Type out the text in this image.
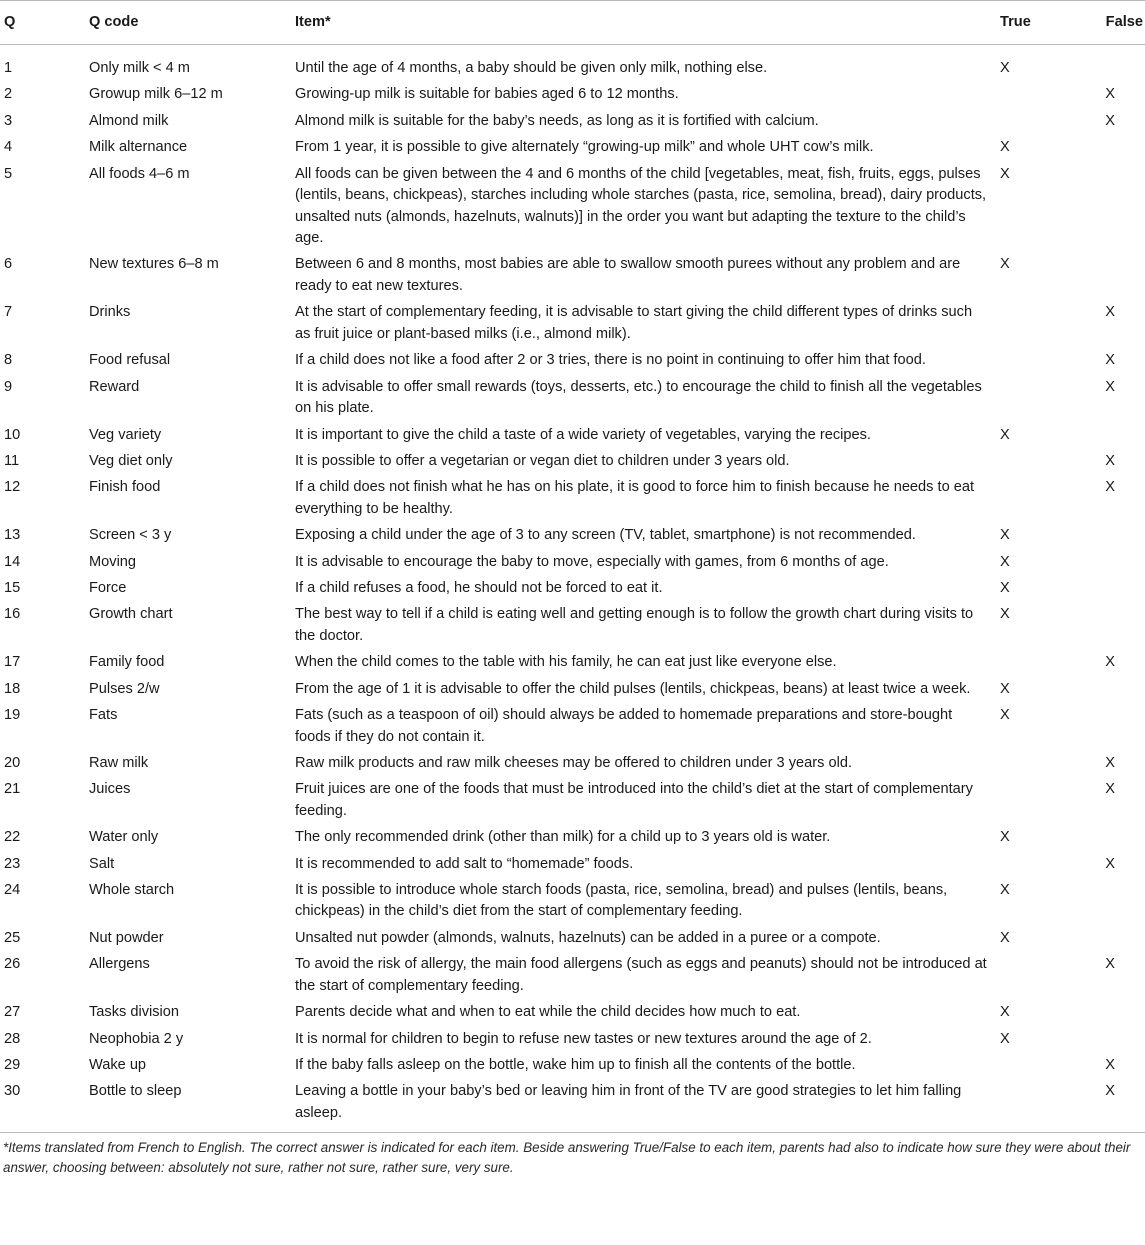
Q	Q code	Item*	True	False
1	Only milk < 4 m	Until the age of 4 months, a baby should be given only milk, nothing else.	X	
2	Growup milk 6–12 m	Growing-up milk is suitable for babies aged 6 to 12 months.		X
3	Almond milk	Almond milk is suitable for the baby’s needs, as long as it is fortified with calcium.		X
4	Milk alternance	From 1 year, it is possible to give alternately “growing-up milk” and whole UHT cow’s milk.	X	
5	All foods 4–6 m	All foods can be given between the 4 and 6 months of the child [vegetables, meat, fish, fruits, eggs, pulses (lentils, beans, chickpeas), starches including whole starches (pasta, rice, semolina, bread), dairy products, unsalted nuts (almonds, hazelnuts, walnuts)] in the order you want but adapting the texture to the child’s age.	X	
6	New textures 6–8 m	Between 6 and 8 months, most babies are able to swallow smooth purees without any problem and are ready to eat new textures.	X	
7	Drinks	At the start of complementary feeding, it is advisable to start giving the child different types of drinks such as fruit juice or plant-based milks (i.e., almond milk).		X
8	Food refusal	If a child does not like a food after 2 or 3 tries, there is no point in continuing to offer him that food.		X
9	Reward	It is advisable to offer small rewards (toys, desserts, etc.) to encourage the child to finish all the vegetables on his plate.		X
10	Veg variety	It is important to give the child a taste of a wide variety of vegetables, varying the recipes.	X	
11	Veg diet only	It is possible to offer a vegetarian or vegan diet to children under 3 years old.		X
12	Finish food	If a child does not finish what he has on his plate, it is good to force him to finish because he needs to eat everything to be healthy.		X
13	Screen < 3 y	Exposing a child under the age of 3 to any screen (TV, tablet, smartphone) is not recommended.	X	
14	Moving	It is advisable to encourage the baby to move, especially with games, from 6 months of age.	X	
15	Force	If a child refuses a food, he should not be forced to eat it.	X	
16	Growth chart	The best way to tell if a child is eating well and getting enough is to follow the growth chart during visits to the doctor.	X	
17	Family food	When the child comes to the table with his family, he can eat just like everyone else.		X
18	Pulses 2/w	From the age of 1 it is advisable to offer the child pulses (lentils, chickpeas, beans) at least twice a week.	X	
19	Fats	Fats (such as a teaspoon of oil) should always be added to homemade preparations and store-bought foods if they do not contain it.	X	
20	Raw milk	Raw milk products and raw milk cheeses may be offered to children under 3 years old.		X
21	Juices	Fruit juices are one of the foods that must be introduced into the child’s diet at the start of complementary feeding.		X
22	Water only	The only recommended drink (other than milk) for a child up to 3 years old is water.	X	
23	Salt	It is recommended to add salt to “homemade” foods.		X
24	Whole starch	It is possible to introduce whole starch foods (pasta, rice, semolina, bread) and pulses (lentils, beans, chickpeas) in the child’s diet from the start of complementary feeding.	X	
25	Nut powder	Unsalted nut powder (almonds, walnuts, hazelnuts) can be added in a puree or a compote.	X	
26	Allergens	To avoid the risk of allergy, the main food allergens (such as eggs and peanuts) should not be introduced at the start of complementary feeding.		X
27	Tasks division	Parents decide what and when to eat while the child decides how much to eat.	X	
28	Neophobia 2 y	It is normal for children to begin to refuse new tastes or new textures around the age of 2.	X	
29	Wake up	If the baby falls asleep on the bottle, wake him up to finish all the contents of the bottle.		X
30	Bottle to sleep	Leaving a bottle in your baby’s bed or leaving him in front of the TV are good strategies to let him falling asleep.		X
*Items translated from French to English. The correct answer is indicated for each item. Beside answering True/False to each item, parents had also to indicate how sure they were about their answer, choosing between: absolutely not sure, rather not sure, rather sure, very sure.
